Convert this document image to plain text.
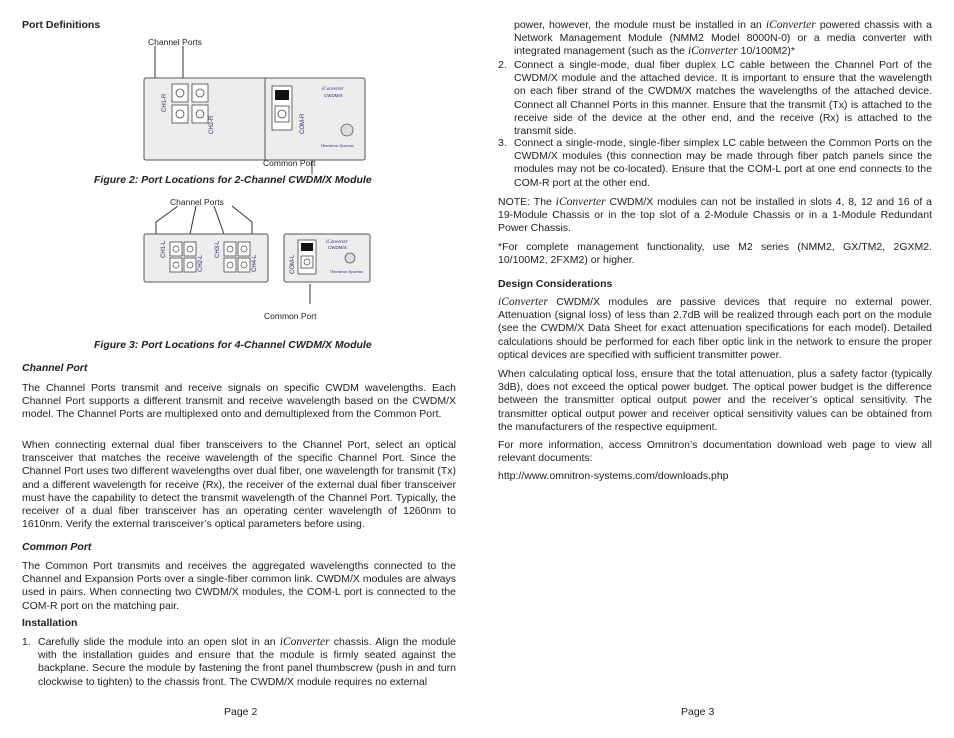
Port Definitions

Channel Ports
CH1-R
CH2-R	COM-R
iConverter
CWDM/X
Omnitron Systems
Common Port

Figure 2: Port Locations for 2-Channel CWDM/X Module

Channel Ports
CH1-L
CH2-L
CH3-L
CH4-L	COM-L
iConverter
CWDM/X
Omnitron Systems
Common Port

Figure 3: Port Locations for 4-Channel CWDM/X Module

Channel Port

The Channel Ports transmit and receive signals on specific CWDM wavelengths. Each Channel Port supports a different transmit and receive wavelength based on the CWDM/X model. The Channel Ports are multiplexed onto and demultiplexed from the Common Port.

When connecting external dual fiber transceivers to the Channel Port, select an optical transceiver that matches the receive wavelength of the specific Channel Port. Since the Channel Port uses two different wavelengths over dual fiber, one wavelength for transmit (Tx) and a different wavelength for receive (Rx), the receiver of the external dual fiber transceiver must have the capability to detect the transmit wavelength of the Channel Port. Typically, the receiver of a dual fiber transceiver has an operating center wavelength of 1260nm to 1610nm. Verify the external transceiver’s optical parameters before using.

Common Port

The Common Port transmits and receives the aggregated wavelengths connected to the Channel and Expansion Ports over a single-fiber common link. CWDM/X modules are always used in pairs. When connecting two CWDM/X modules, the COM-L port is connected to the COM-R port on the matching pair.

Installation

1. Carefully slide the module into an open slot in an iConverter chassis. Align the module with the installation guides and ensure that the module is firmly seated against the backplane. Secure the module by fastening the front panel thumbscrew (push in and turn clockwise to tighten) to the chassis front. The CWDM/X module requires no external
Page 2
power, however, the module must be installed in an iConverter powered chassis with a Network Management Module (NMM2 Model 8000N-0) or a media converter with integrated management (such as the iConverter 10/100M2)*
2. Connect a single-mode, dual fiber duplex LC cable between the Channel Port of the CWDM/X module and the attached device. It is important to ensure that the wavelength on each fiber strand of the CWDM/X matches the wavelengths of the attached device. Connect all Channel Ports in this manner. Ensure that the transmit (Tx) is attached to the receive side of the device at the other end, and the receive (Rx) is attached to the transmit side.
3. Connect a single-mode, single-fiber simplex LC cable between the Common Ports on the CWDM/X modules (this connection may be made through fiber patch panels since the modules may not be co-located). Ensure that the COM-L port at one end connects to the COM-R port at the other end.

NOTE: The iConverter CWDM/X modules can not be installed in slots 4, 8, 12 and 16 of a 19-Module Chassis or in the top slot of a 2-Module Chassis or in a 1-Module Redundant Power Chassis.

*For complete management functionality, use M2 series (NMM2, GX/TM2, 2GXM2. 10/100M2, 2FXM2) or higher.

Design Considerations

iConverter CWDM/X modules are passive devices that require no external power. Attenuation (signal loss) of less than 2.7dB will be realized through each port on the module (see the CWDM/X Data Sheet for exact attenuation specifications for each model). Detailed calculations should be performed for each fiber optic link in the network to ensure the proper optical devices are specified with sufficient transmitter power.

When calculating optical loss, ensure that the total attenuation, plus a safety factor (typically 3dB), does not exceed the optical power budget. The optical power budget is the difference between the transmitter optical output power and the receiver’s optical sensitivity. The transmitter optical output power and receiver optical sensitivity values can be obtained from the manufacturers of the respective equipment.

For more information, access Omnitron’s documentation download web page to view all relevant documents:

http://www.omnitron-systems.com/downloads.php

Page 3
